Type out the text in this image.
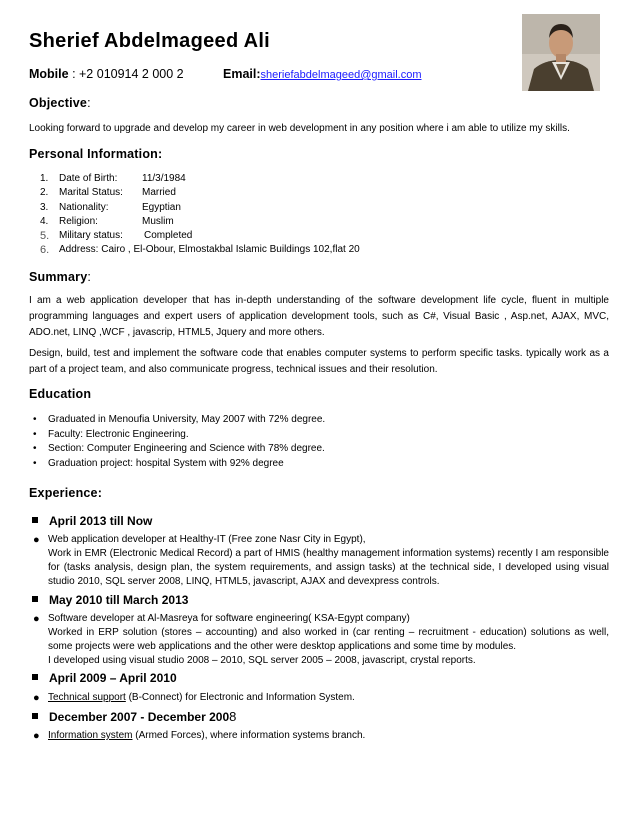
Sherief Abdelmageed Ali
Mobile : +2 010914 2 000 2	Email:sheriefabdelmageed@gmail.com
Objective:
Looking forward to upgrade and develop my career in web development in any position where i am able to utilize my skills.
Personal Information:
1. Date of Birth: 11/3/1984
2. Marital Status: Married
3. Nationality:	Egyptian
4. Religion:	Muslim
5. Military status: Completed
6. Address: Cairo , El-Obour, Elmostakbal Islamic Buildings 102,flat 20
Summary:
I am a web application developer that has in-depth understanding of the software development life cycle, fluent in multiple programming languages and expert users of application development tools, such as C#, Visual Basic , Asp.net, AJAX, MVC, ADO.net, LINQ ,WCF , javascrip, HTML5, Jquery and more others.
Design, build, test and implement the software code that enables computer systems to perform specific tasks. typically work as a part of a project team, and also communicate progress, technical issues and their resolution.
Education
• Graduated in Menoufia University, May 2007 with 72% degree.
• Faculty: Electronic Engineering.
• Section: Computer Engineering and Science with 78% degree.
• Graduation project: hospital System with 92% degree
Experience:
April 2013 till Now
● Web application developer at Healthy-IT (Free zone Nasr City in Egypt),
Work in EMR (Electronic Medical Record) a part of HMIS (healthy management information systems) recently I am responsible for (tasks analysis, design plan, the system requirements, and assign tasks) at the technical side, I developed using visual studio 2010, SQL server 2008, LINQ, HTML5, javascript, AJAX and devexpress controls.
May 2010 till March 2013
● Software developer at Al-Masreya for software engineering( KSA-Egypt company)
Worked in ERP solution (stores – accounting) and also worked in (car renting – recruitment - education) solutions as well, some projects were web applications and the other were desktop applications and some time by modules.
I developed using visual studio 2008 – 2010, SQL server 2005 – 2008, javascript, crystal reports.
April 2009 – April 2010
● Technical support (B-Connect) for Electronic and Information System.
December 2007 - December 2008
● Information system (Armed Forces), where information systems branch.
